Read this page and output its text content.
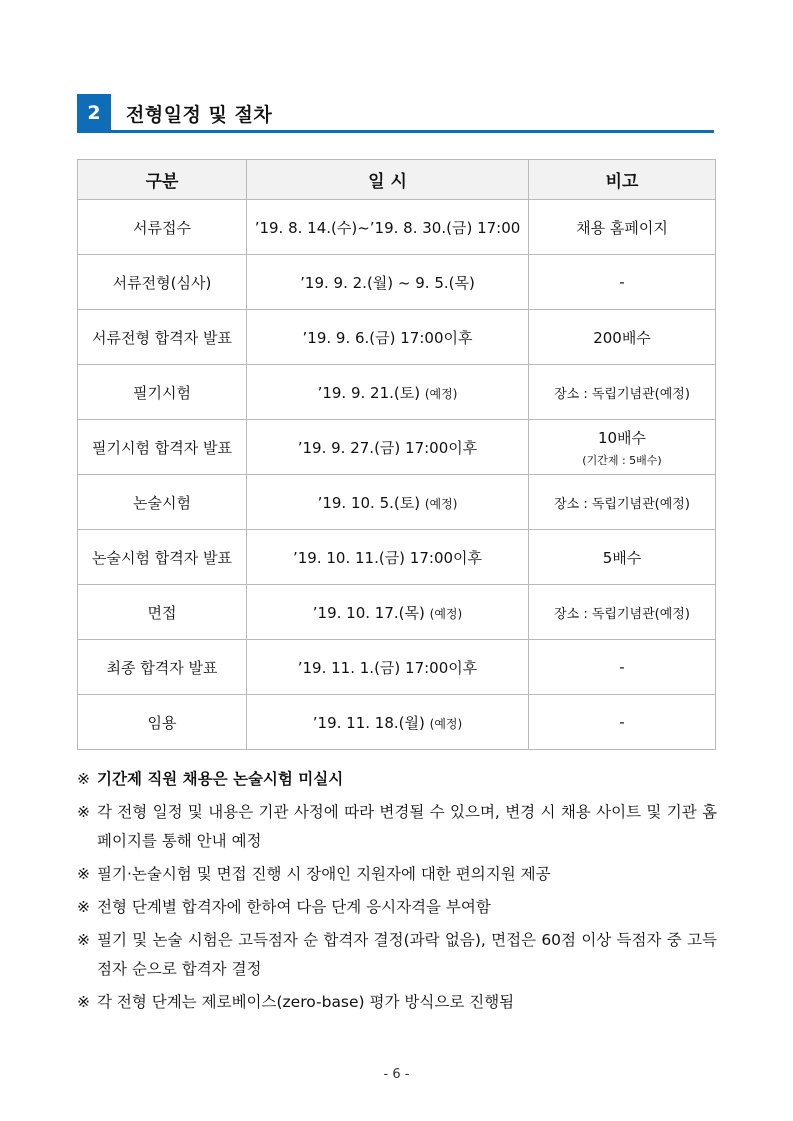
2	전형일정 및 절차
구분	일 시	비고
서류접수	’19. 8. 14.(수)~’19. 8. 30.(금) 17:00	채용 홈페이지
서류전형(심사)	’19. 9. 2.(월) ~ 9. 5.(목)	-
서류전형 합격자 발표	’19. 9. 6.(금) 17:00이후	200배수
필기시험	’19. 9. 21.(토) (예정)	장소 : 독립기념관(예정)
필기시험 합격자 발표	’19. 9. 27.(금) 17:00이후	10배수
(기간제 : 5배수)

논술시험	’19. 10. 5.(토) (예정)	장소 : 독립기념관(예정)
논술시험 합격자 발표	’19. 10. 11.(금) 17:00이후	5배수
면접	’19. 10. 17.(목) (예정)	장소 : 독립기념관(예정)
최종 합격자 발표	’19. 11. 1.(금) 17:00이후	-
임용	’19. 11. 18.(월) (예정)	-
※ 기간제 직원 채용은 논술시험 미실시
※ 각 전형 일정 및 내용은 기관 사정에 따라 변경될 수 있으며, 변경 시 채용 사이트 및 기관 홈페이지를 통해 안내 예정
※ 필기·논술시험 및 면접 진행 시 장애인 지원자에 대한 편의지원 제공
※ 전형 단계별 합격자에 한하여 다음 단계 응시자격을 부여함
※ 필기 및 논술 시험은 고득점자 순 합격자 결정(과락 없음), 면접은 60점 이상 득점자 중 고득점자 순으로 합격자 결정
※ 각 전형 단계는 제로베이스(zero-base) 평가 방식으로 진행됨
- 6 -
